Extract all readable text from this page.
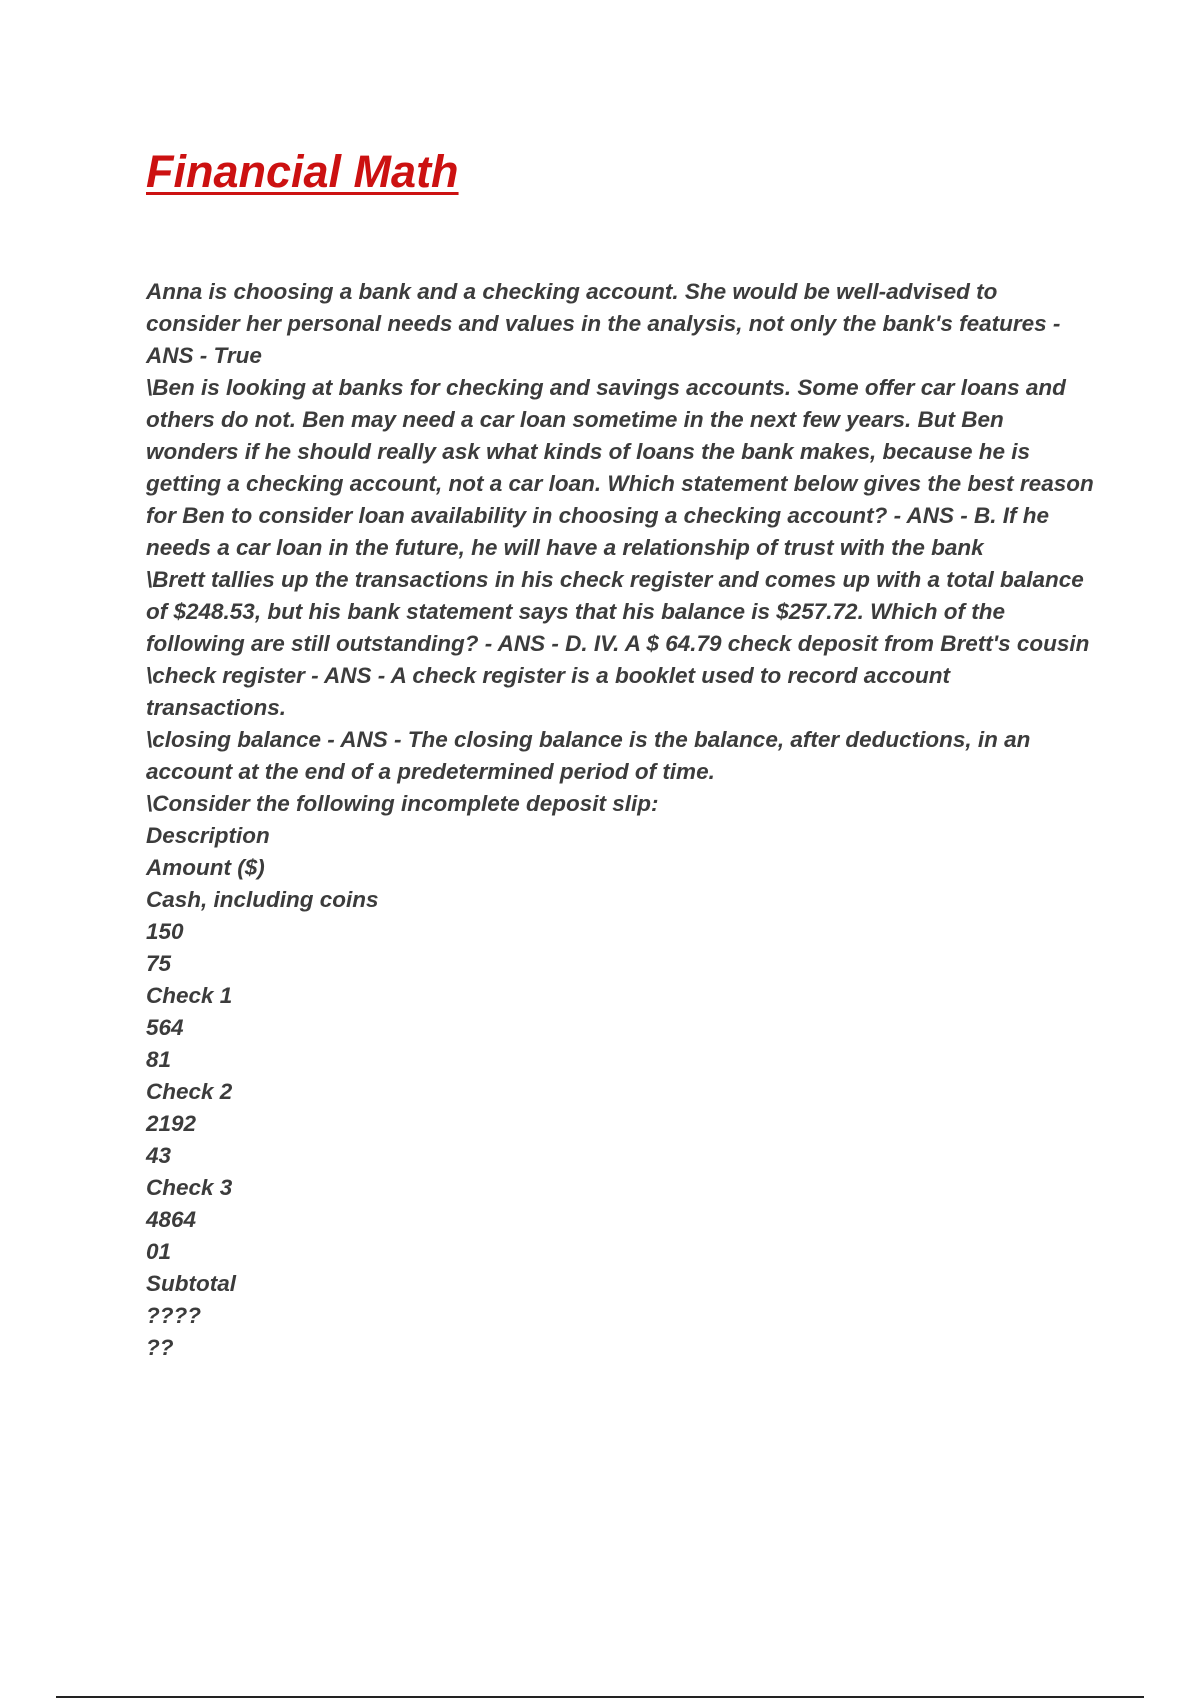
Financial Math

Anna is choosing a bank and a checking account. She would be well-advised to consider her personal needs and values in the analysis, not only the bank's features - ANS - True

\Ben is looking at banks for checking and savings accounts. Some offer car loans and others do not. Ben may need a car loan sometime in the next few years. But Ben wonders if he should really ask what kinds of loans the bank makes, because he is getting a checking account, not a car loan. Which statement below gives the best reason for Ben to consider loan availability in choosing a checking account? - ANS - B. If he needs a car loan in the future, he will have a relationship of trust with the bank

\Brett tallies up the transactions in his check register and comes up with a total balance of $248.53, but his bank statement says that his balance is $257.72. Which of the following are still outstanding? - ANS - D. IV. A $ 64.79 check deposit from Brett's cousin

\check register - ANS - A check register is a booklet used to record account transactions.

\closing balance - ANS - The closing balance is the balance, after deductions, in an account at the end of a predetermined period of time.

\Consider the following incomplete deposit slip:

Description

Amount ($)

Cash, including coins

150

75

Check 1

564

81

Check 2

2192

43

Check 3

4864

01

Subtotal

????

??
